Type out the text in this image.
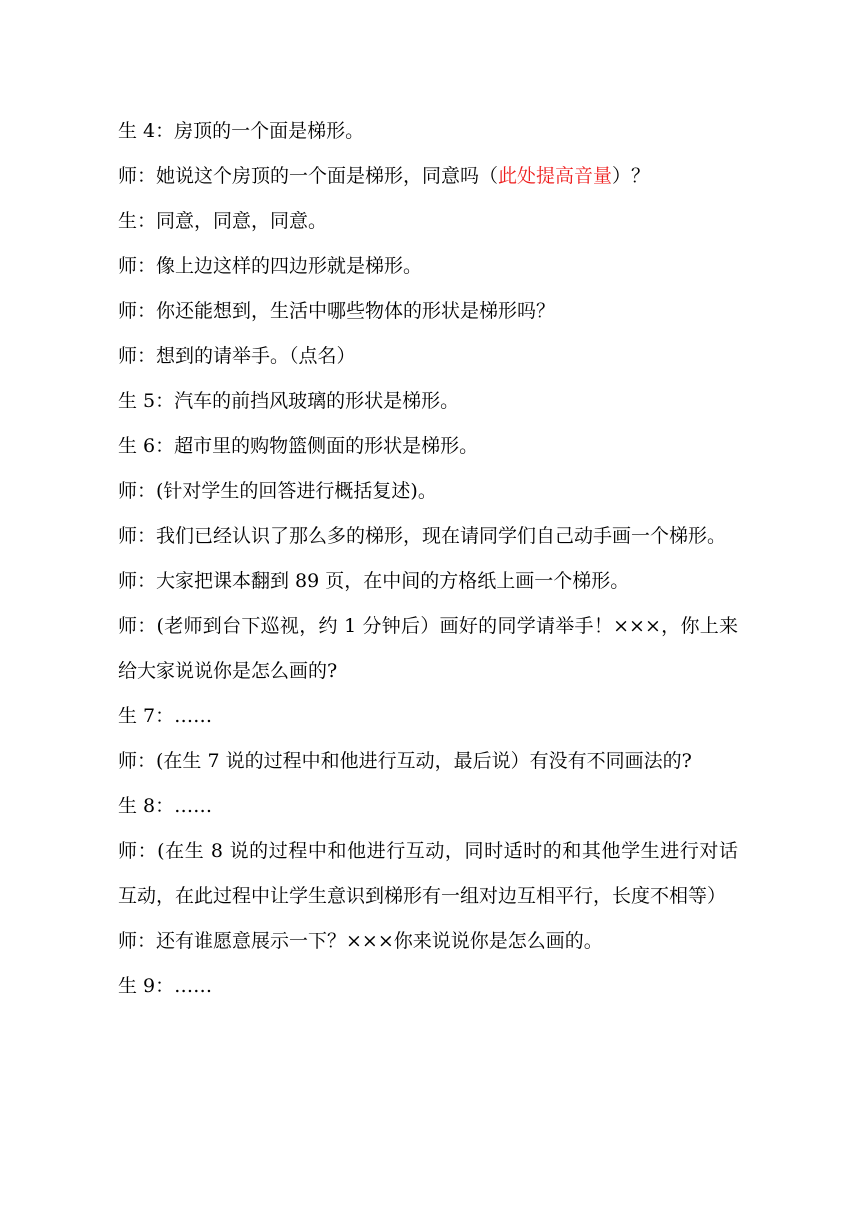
生 4：房顶的一个面是梯形。

师：她说这个房顶的一个面是梯形，同意吗（此处提高音量）？

生：同意，同意，同意。

师：像上边这样的四边形就是梯形。

师：你还能想到，生活中哪些物体的形状是梯形吗？

师：想到的请举手。（点名）

生 5：汽车的前挡风玻璃的形状是梯形。

生 6：超市里的购物篮侧面的形状是梯形。

师：(针对学生的回答进行概括复述)。

师：我们已经认识了那么多的梯形，现在请同学们自己动手画一个梯形。

师：大家把课本翻到 89 页，在中间的方格纸上画一个梯形。

师：(老师到台下巡视，约 1 分钟后）画好的同学请举手！×××，你上来给大家说说你是怎么画的?

生 7：……

师：(在生 7 说的过程中和他进行互动，最后说）有没有不同画法的?

生 8：……

师：(在生 8 说的过程中和他进行互动，同时适时的和其他学生进行对话互动，在此过程中让学生意识到梯形有一组对边互相平行，长度不相等）

师：还有谁愿意展示一下？×××你来说说你是怎么画的。

生 9：……
